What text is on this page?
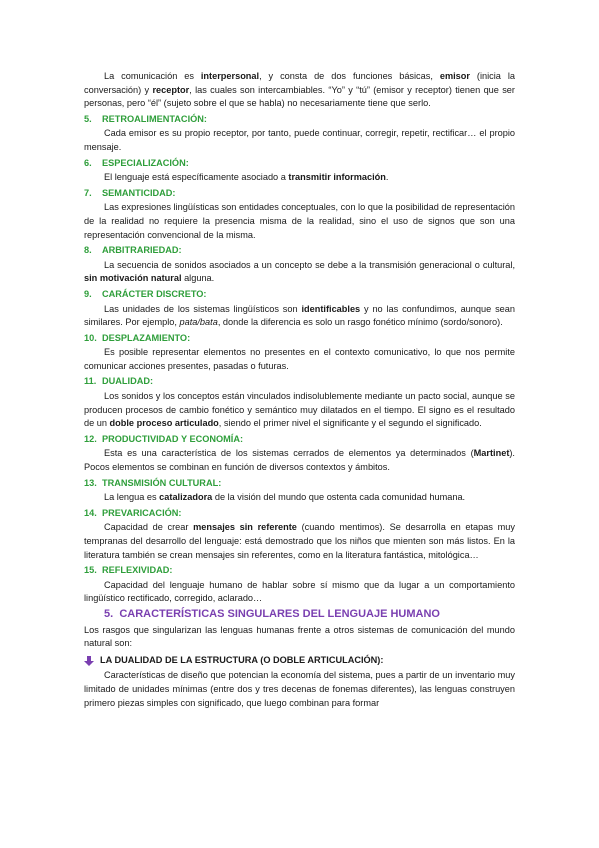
La comunicación es interpersonal, y consta de dos funciones básicas, emisor (inicia la conversación) y receptor, las cuales son intercambiables. “Yo” y “tú” (emisor y receptor) tienen que ser personas, pero “él” (sujeto sobre el que se habla) no necesariamente tiene que serlo.

5. RETROALIMENTACIÓN:

Cada emisor es su propio receptor, por tanto, puede continuar, corregir, repetir, rectificar… el propio mensaje.

6. ESPECIALIZACIÓN:

El lenguaje está específicamente asociado a transmitir información.

7. SEMANTICIDAD:

Las expresiones lingüísticas son entidades conceptuales, con lo que la posibilidad de representación de la realidad no requiere la presencia misma de la realidad, sino el uso de signos que son una representación convencional de la misma.

8. ARBITRARIEDAD:

La secuencia de sonidos asociados a un concepto se debe a la transmisión generacional o cultural, sin motivación natural alguna.

9. CARÁCTER DISCRETO:

Las unidades de los sistemas lingüísticos son identificables y no las confundimos, aunque sean similares. Por ejemplo, pata/bata, donde la diferencia es solo un rasgo fonético mínimo (sordo/sonoro).

10. DESPLAZAMIENTO:

Es posible representar elementos no presentes en el contexto comunicativo, lo que nos permite comunicar acciones presentes, pasadas o futuras.

11. DUALIDAD:

Los sonidos y los conceptos están vinculados indisolublemente mediante un pacto social, aunque se producen procesos de cambio fonético y semántico muy dilatados en el tiempo. El signo es el resultado de un doble proceso articulado, siendo el primer nivel el significante y el segundo el significado.

12. PRODUCTIVIDAD Y ECONOMÍA:

Esta es una característica de los sistemas cerrados de elementos ya determinados (Martinet). Pocos elementos se combinan en función de diversos contextos y ámbitos.

13. TRANSMISIÓN CULTURAL:

La lengua es catalizadora de la visión del mundo que ostenta cada comunidad humana.

14. PREVARICACIÓN:

Capacidad de crear mensajes sin referente (cuando mentimos). Se desarrolla en etapas muy tempranas del desarrollo del lenguaje: está demostrado que los niños que mienten son más listos. En la literatura también se crean mensajes sin referentes, como en la literatura fantástica, mitológica…

15. REFLEXIVIDAD:

Capacidad del lenguaje humano de hablar sobre sí mismo que da lugar a un comportamiento lingüístico rectificado, corregido, aclarado…

5. CARACTERÍSTICAS SINGULARES DEL LENGUAJE HUMANO

Los rasgos que singularizan las lenguas humanas frente a otros sistemas de comunicación del mundo natural son:

LA DUALIDAD DE LA ESTRUCTURA (O DOBLE ARTICULACIÓN):

Características de diseño que potencian la economía del sistema, pues a partir de un inventario muy limitado de unidades mínimas (entre dos y tres decenas de fonemas diferentes), las lenguas construyen primero piezas simples con significado, que luego combinan para formar
